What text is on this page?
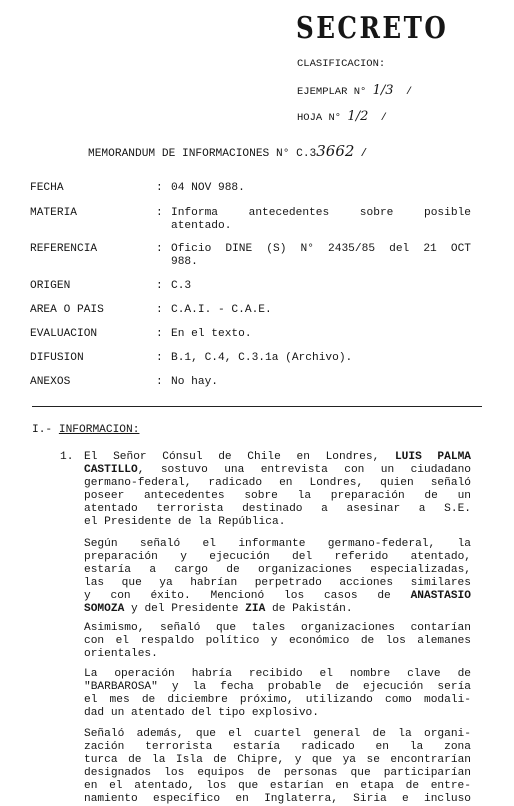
SECRETO
CLASIFICACION:
EJEMPLAR N° 1/3 /
HOJA N° 1/2 /
MEMORANDUM DE INFORMACIONES N° C.33662 /
FECHA	: 04 NOV 988.
MATERIA	: Informa antecedentes sobre posible
atentado.
REFERENCIA	: Oficio DINE (S) N° 2435/85 del 21 OCT
988.
ORIGEN	: C.3
AREA O PAIS	: C.A.I. - C.A.E.
EVALUACION	: En el texto.
DIFUSION	: B.1, C.4, C.3.1a (Archivo).
ANEXOS	: No hay.
I.- INFORMACION:
1. El Señor Cónsul de Chile en Londres, LUIS PALMA
CASTILLO, sostuvo una entrevista con un ciudadano
germano-federal, radicado en Londres, quien señaló
poseer antecedentes sobre la preparación de un
atentado terrorista destinado a asesinar a S.E.
el Presidente de la República.
Según señaló el informante germano-federal, la
preparación y ejecución del referido atentado,
estaría a cargo de organizaciones especializadas,
las que ya habrían perpetrado acciones similares
y con éxito. Mencionó los casos de ANASTASIO
SOMOZA y del Presidente ZIA de Pakistán.
Asimismo, señaló que tales organizaciones contarían
con el respaldo político y económico de los alemanes
orientales.
La operación habría recibido el nombre clave de
"BARBAROSA" y la fecha probable de ejecución sería
el mes de diciembre próximo, utilizando como modali-
dad un atentado del tipo explosivo.
Señaló además, que el cuartel general de la organi-
zación terrorista estaría radicado en la zona
turca de la Isla de Chipre, y que ya se encontrarían
designados los equipos de personas que participarían
en el atentado, los que estarían en etapa de entre-
namiento específico en Inglaterra, Siria e incluso
